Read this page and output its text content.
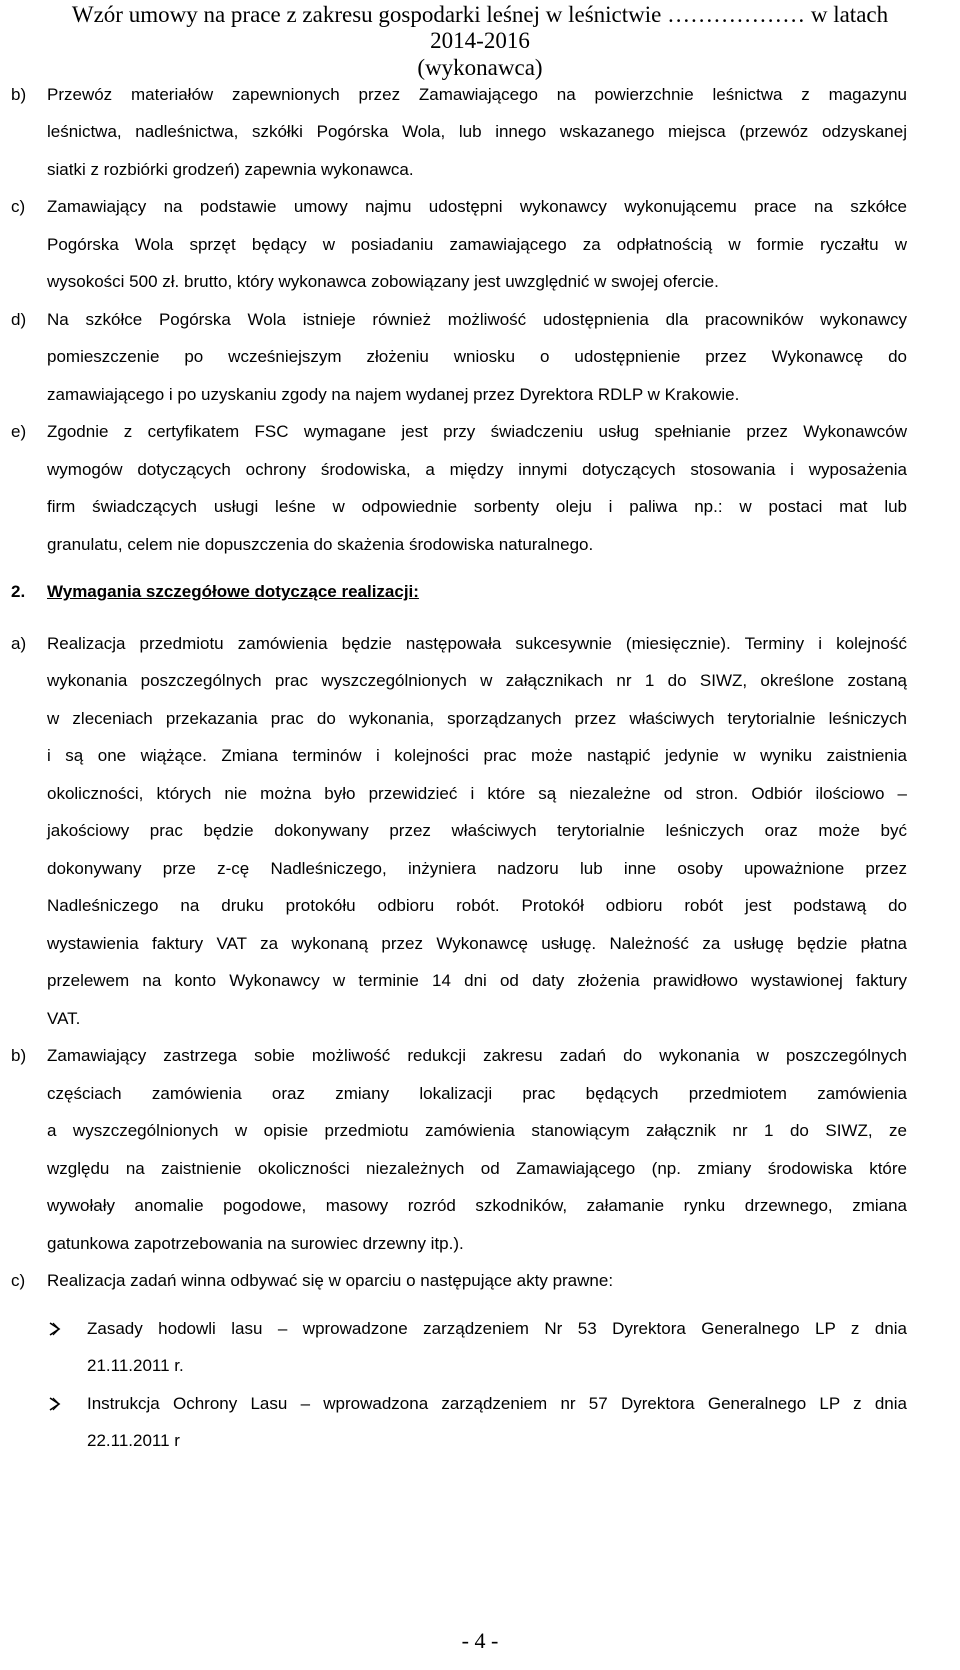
Wzór umowy na prace z zakresu gospodarki leśnej w leśnictwie ……………… w latach
2014-2016
(wykonawca)
b) Przewóz materiałów zapewnionych przez Zamawiającego na powierzchnie leśnictwa z magazynu
leśnictwa, nadleśnictwa, szkółki Pogórska Wola, lub innego wskazanego miejsca (przewóz odzyskanej
siatki z rozbiórki grodzeń) zapewnia wykonawca.
c) Zamawiający na podstawie umowy najmu udostępni wykonawcy wykonującemu prace na szkółce
Pogórska Wola sprzęt będący w posiadaniu zamawiającego za odpłatnością w formie ryczałtu w
wysokości 500 zł. brutto, który wykonawca zobowiązany jest uwzględnić w swojej ofercie.
d) Na szkółce Pogórska Wola istnieje również możliwość udostępnienia dla pracowników wykonawcy
pomieszczenie po wcześniejszym złożeniu wniosku o udostępnienie przez Wykonawcę do
zamawiającego i po uzyskaniu zgody na najem wydanej przez Dyrektora RDLP w Krakowie.
e) Zgodnie z certyfikatem FSC wymagane jest przy świadczeniu usług spełnianie przez Wykonawców
wymogów dotyczących ochrony środowiska, a między innymi dotyczących stosowania i wyposażenia
firm świadczących usługi leśne w odpowiednie sorbenty oleju i paliwa np.: w postaci mat lub
granulatu, celem nie dopuszczenia do skażenia środowiska naturalnego.
2. Wymagania szczegółowe dotyczące realizacji:
a) Realizacja przedmiotu zamówienia będzie następowała sukcesywnie (miesięcznie). Terminy i kolejność
wykonania poszczególnych prac wyszczególnionych w załącznikach nr 1 do SIWZ, określone zostaną
w zleceniach przekazania prac do wykonania, sporządzanych przez właściwych terytorialnie leśniczych
i są one wiążące. Zmiana terminów i kolejności prac może nastąpić jedynie w wyniku zaistnienia
okoliczności, których nie można było przewidzieć i które są niezależne od stron. Odbiór ilościowo –
jakościowy prac będzie dokonywany przez właściwych terytorialnie leśniczych oraz może być
dokonywany prze z-cę Nadleśniczego, inżyniera nadzoru lub inne osoby upoważnione przez
Nadleśniczego na druku protokółu odbioru robót. Protokół odbioru robót jest podstawą do
wystawienia faktury VAT za wykonaną przez Wykonawcę usługę. Należność za usługę będzie płatna
przelewem na konto Wykonawcy w terminie 14 dni od daty złożenia prawidłowo wystawionej faktury
VAT.
b) Zamawiający zastrzega sobie możliwość redukcji zakresu zadań do wykonania w poszczególnych
częściach zamówienia oraz zmiany lokalizacji prac będących przedmiotem zamówienia
a wyszczególnionych w opisie przedmiotu zamówienia stanowiącym załącznik nr 1 do SIWZ, ze
względu na zaistnienie okoliczności niezależnych od Zamawiającego (np. zmiany środowiska które
wywołały anomalie pogodowe, masowy rozród szkodników, załamanie rynku drzewnego, zmiana
gatunkowa zapotrzebowania na surowiec drzewny itp.).
c) Realizacja zadań winna odbywać się w oparciu o następujące akty prawne:
Zasady hodowli lasu – wprowadzone zarządzeniem Nr 53 Dyrektora Generalnego LP z dnia
21.11.2011 r.
Instrukcja Ochrony Lasu – wprowadzona zarządzeniem nr 57 Dyrektora Generalnego LP z dnia
22.11.2011 r
- 4 -
